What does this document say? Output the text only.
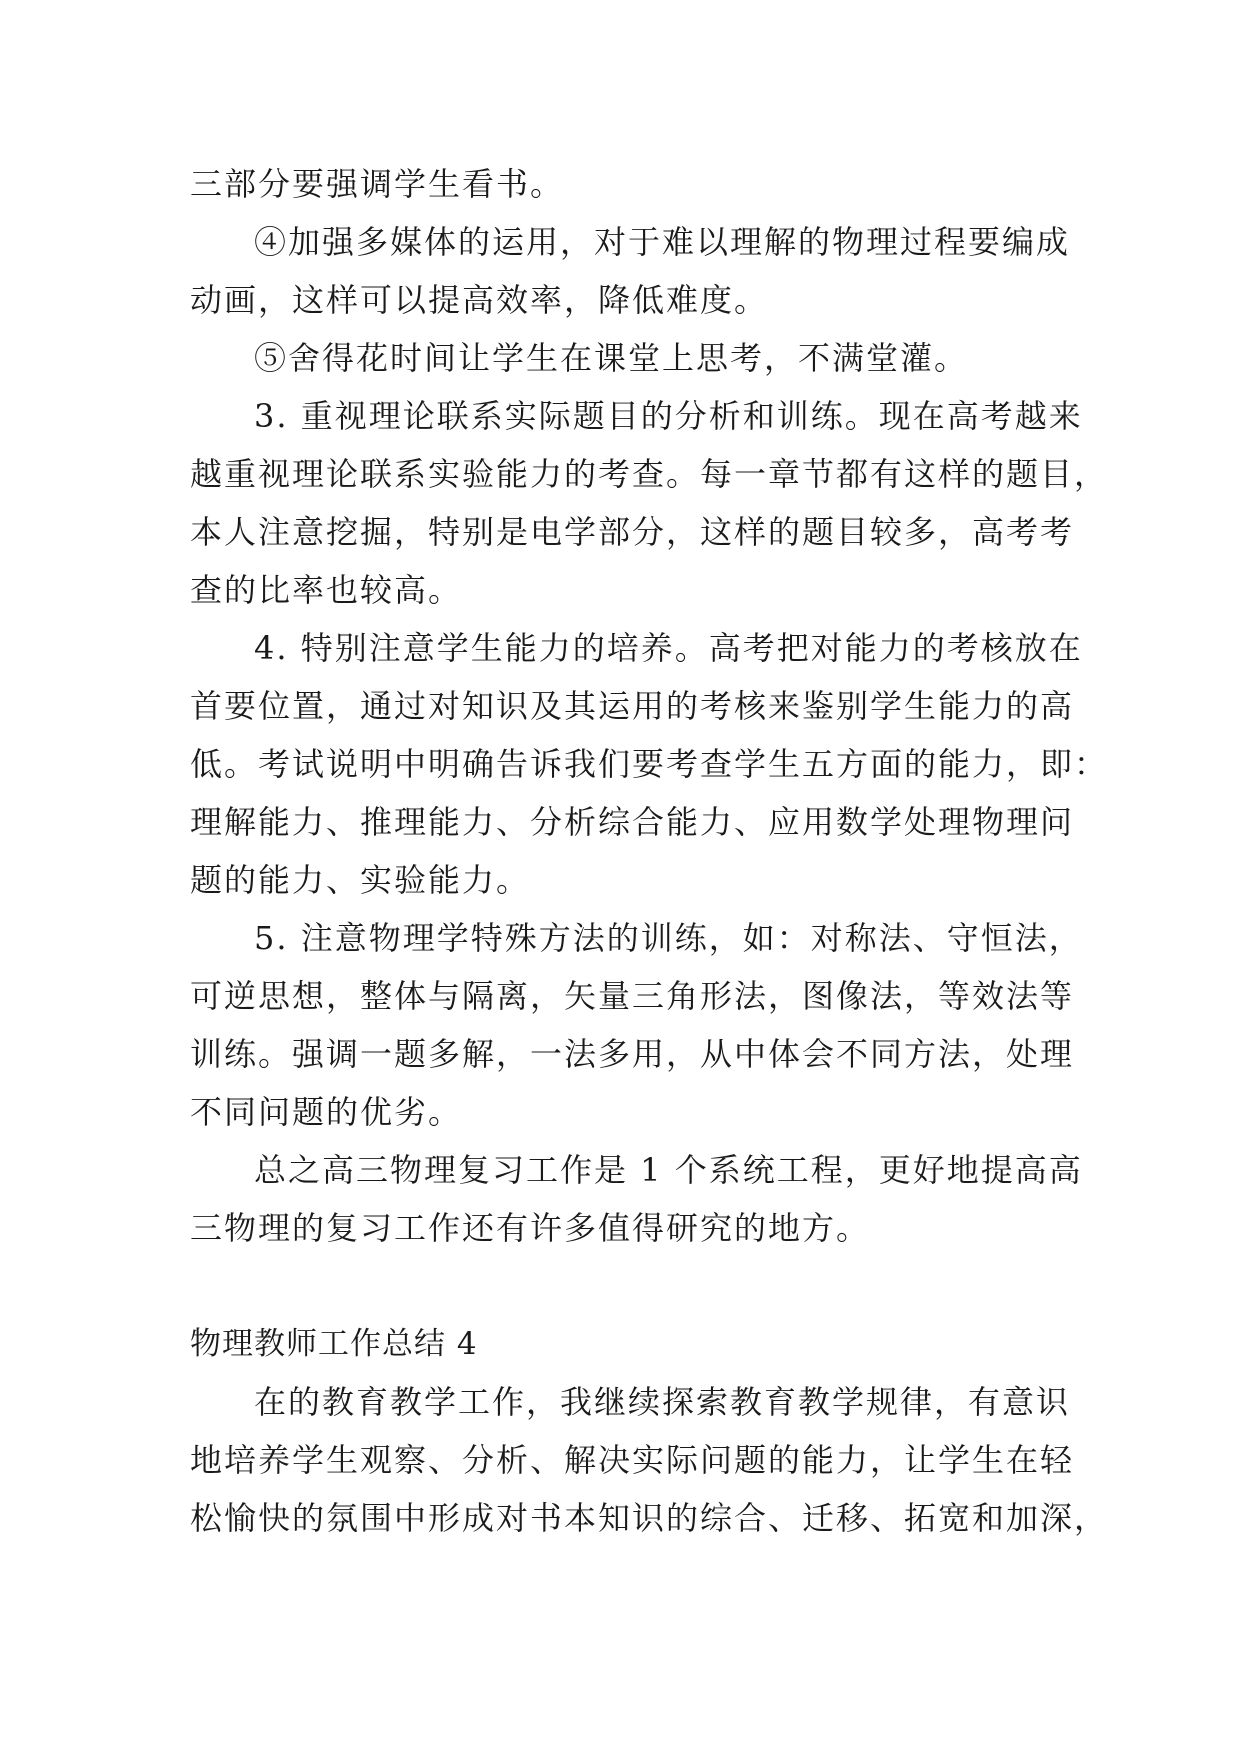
三部分要强调学生看书。
④加强多媒体的运用，对于难以理解的物理过程要编成
动画，这样可以提高效率，降低难度。
⑤舍得花时间让学生在课堂上思考，不满堂灌。
3. 重视理论联系实际题目的分析和训练。现在高考越来
越重视理论联系实验能力的考查。每一章节都有这样的题目，
本人注意挖掘，特别是电学部分，这样的题目较多，高考考
查的比率也较高。
4. 特别注意学生能力的培养。高考把对能力的考核放在
首要位置，通过对知识及其运用的考核来鉴别学生能力的高
低。考试说明中明确告诉我们要考查学生五方面的能力，即：
理解能力、推理能力、分析综合能力、应用数学处理物理问
题的能力、实验能力。
5. 注意物理学特殊方法的训练，如：对称法、守恒法，
可逆思想，整体与隔离，矢量三角形法，图像法，等效法等
训练。强调一题多解，一法多用，从中体会不同方法，处理
不同问题的优劣。
总之高三物理复习工作是 1 个系统工程，更好地提高高
三物理的复习工作还有许多值得研究的地方。
物理教师工作总结 4
在的教育教学工作，我继续探索教育教学规律，有意识
地培养学生观察、分析、解决实际问题的能力，让学生在轻
松愉快的氛围中形成对书本知识的综合、迁移、拓宽和加深，
